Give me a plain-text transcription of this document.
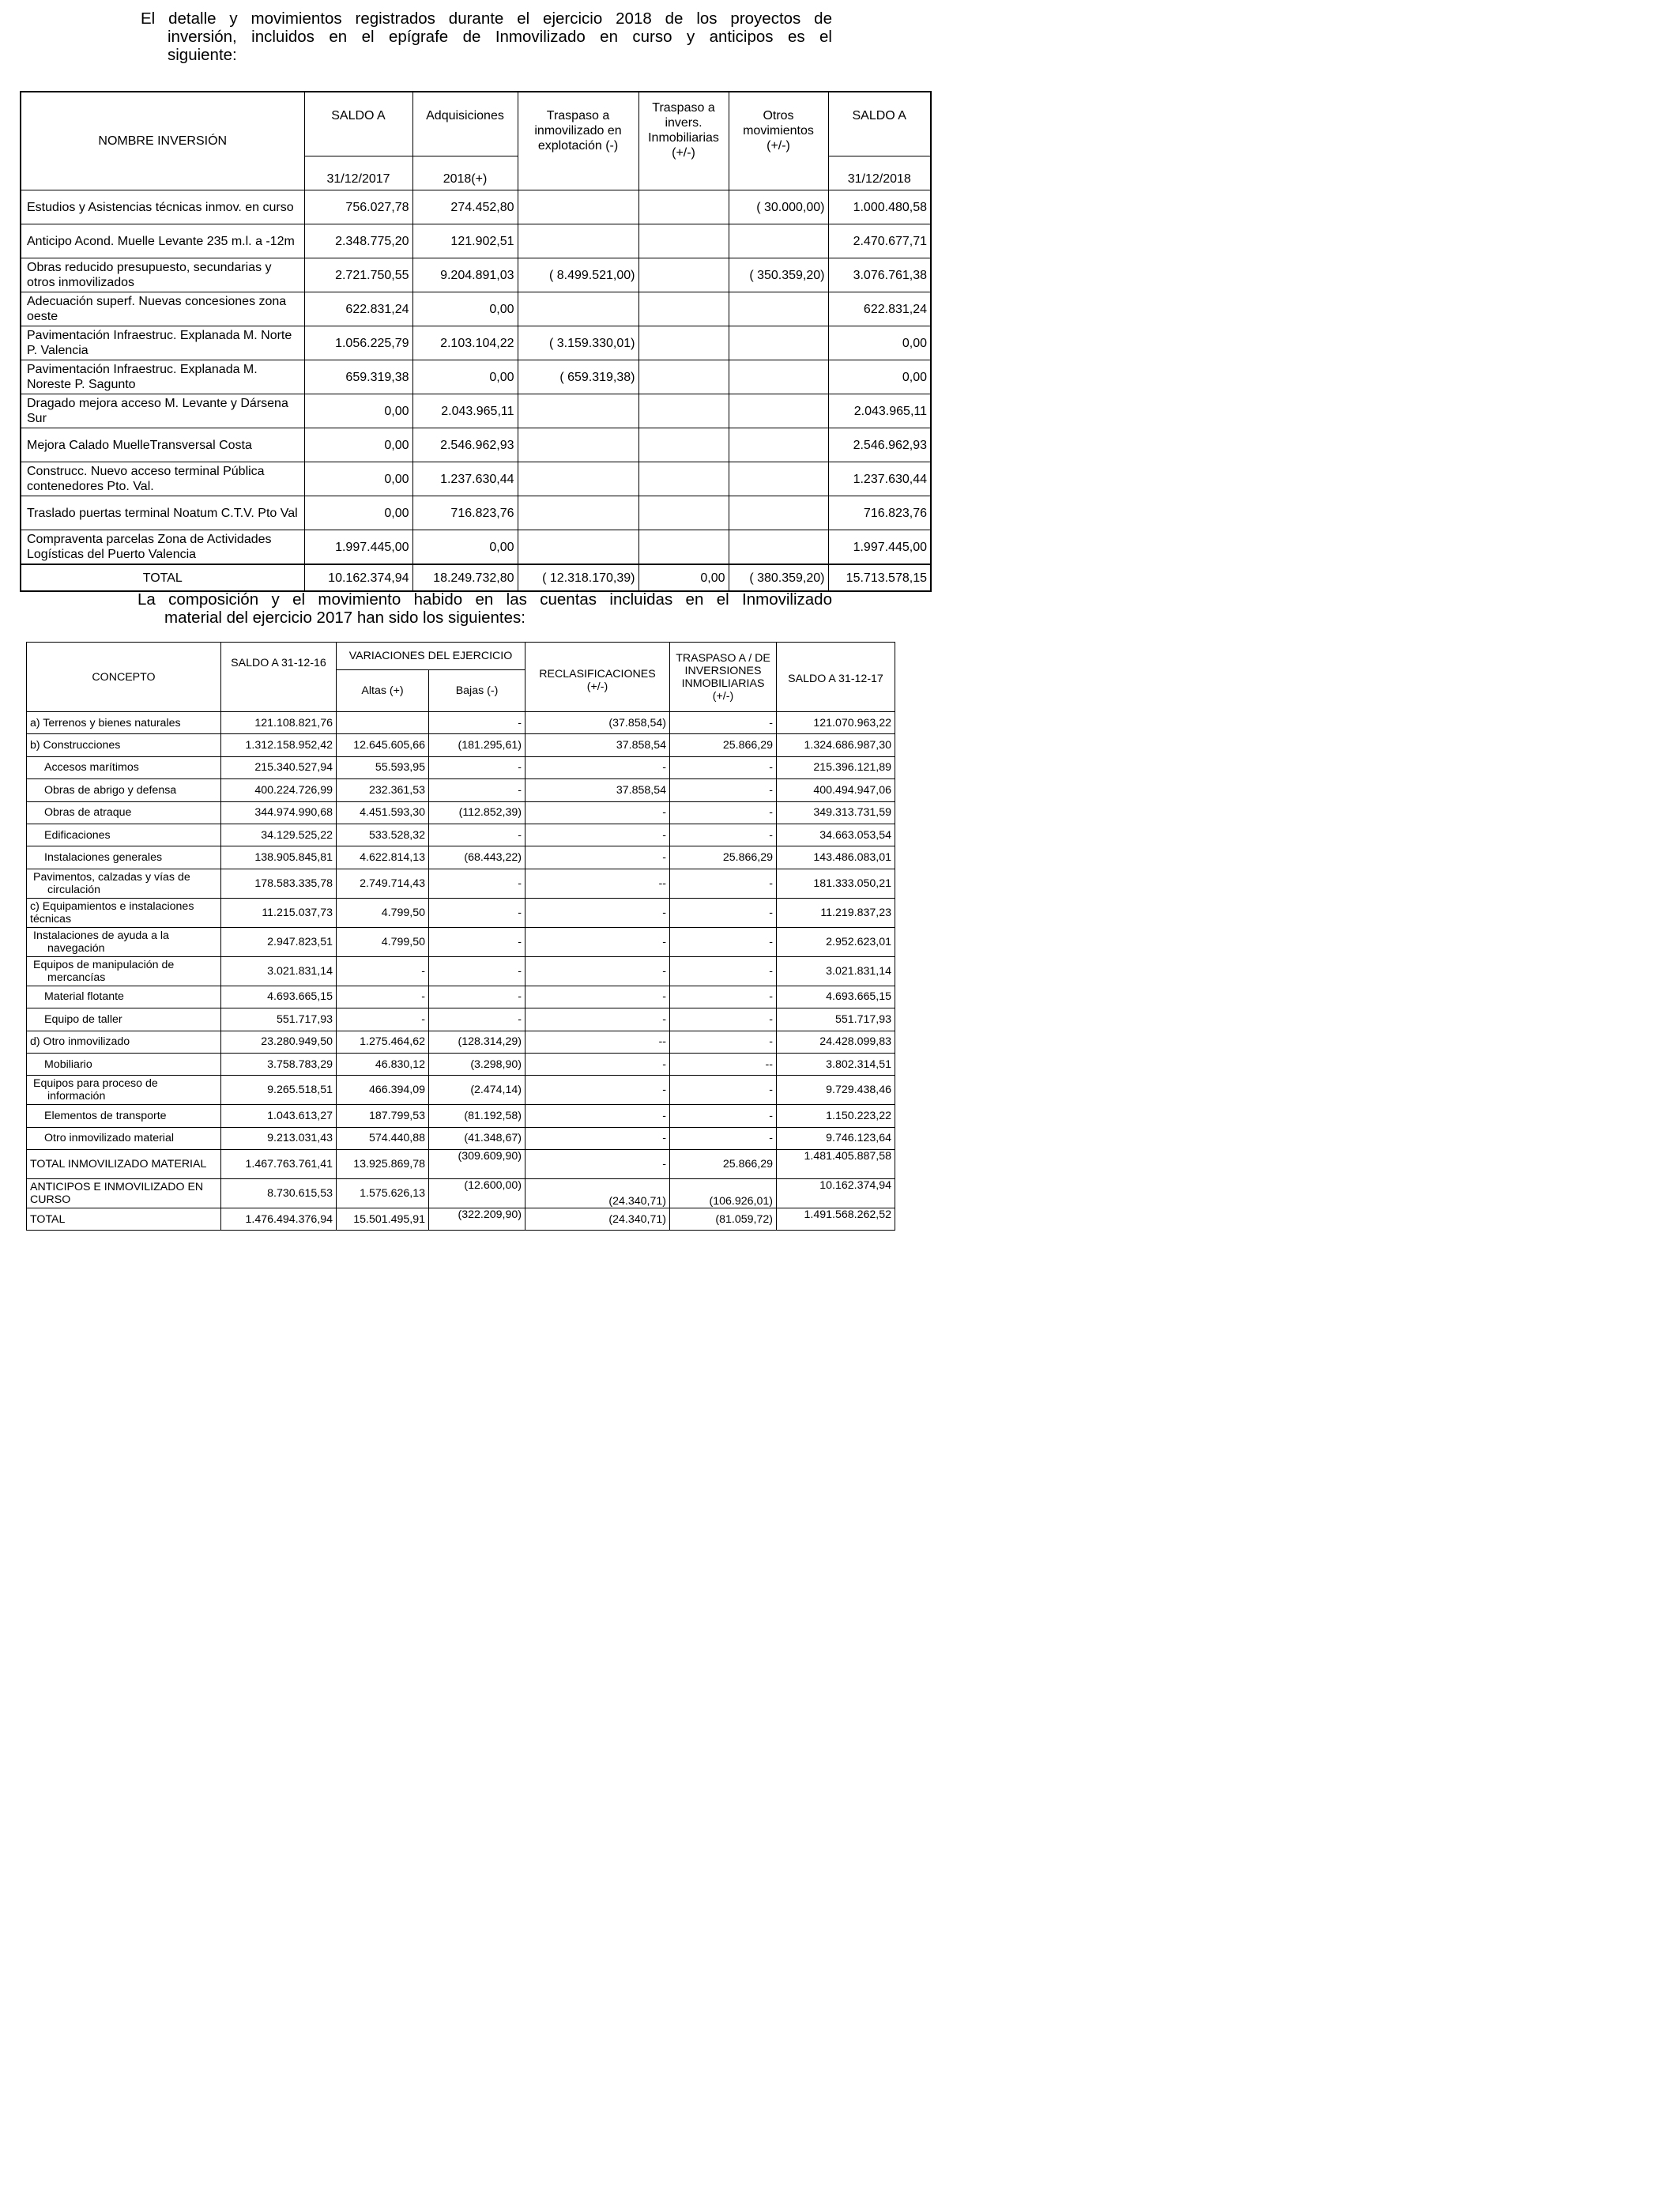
El detalle y movimientos registrados durante el ejercicio 2018 de los proyectos de
inversión, incluidos en el epígrafe de Inmovilizado en curso y anticipos es el
siguiente:
NOMBRE INVERSIÓN	SALDO A	Adquisiciones	Traspaso a inmovilizado en explotación (-)	Traspaso a invers. Inmobiliarias (+/-)	Otros movimientos (+/-)	SALDO A
	31/12/2017	2018(+)				31/12/2018
Estudios y Asistencias técnicas inmov. en curso	756.027,78	274.452,80			( 30.000,00)	1.000.480,58
Anticipo Acond. Muelle Levante 235 m.l. a -12m	2.348.775,20	121.902,51				2.470.677,71
Obras reducido presupuesto, secundarias y otros inmovilizados	2.721.750,55	9.204.891,03	( 8.499.521,00)		( 350.359,20)	3.076.761,38
Adecuación superf. Nuevas concesiones zona oeste	622.831,24	0,00				622.831,24
Pavimentación Infraestruc. Explanada M. Norte P. Valencia	1.056.225,79	2.103.104,22	( 3.159.330,01)			0,00
Pavimentación Infraestruc. Explanada M. Noreste P. Sagunto	659.319,38	0,00	( 659.319,38)			0,00
Dragado mejora acceso M. Levante y Dársena Sur	0,00	2.043.965,11				2.043.965,11
Mejora Calado MuelleTransversal Costa	0,00	2.546.962,93				2.546.962,93
Construcc. Nuevo acceso terminal Pública contenedores Pto. Val.	0,00	1.237.630,44				1.237.630,44
Traslado puertas terminal Noatum C.T.V. Pto Val	0,00	716.823,76				716.823,76
Compraventa parcelas Zona de Actividades Logísticas del Puerto Valencia	1.997.445,00	0,00				1.997.445,00
TOTAL	10.162.374,94	18.249.732,80	( 12.318.170,39)	0,00	( 380.359,20)	15.713.578,15
La composición y el movimiento habido en las cuentas incluidas en el Inmovilizado
material del ejercicio 2017 han sido los siguientes:
CONCEPTO	SALDO A 31-12-16	VARIACIONES DEL EJERCICIO		RECLASIFICACIONES (+/-)	TRASPASO A / DE INVERSIONES INMOBILIARIAS (+/-)	SALDO A 31-12-17
		Altas (+)	Bajas (-)			
a) Terrenos y bienes naturales	121.108.821,76		-	(37.858,54)	-	121.070.963,22
b) Construcciones	1.312.158.952,42	12.645.605,66	(181.295,61)	37.858,54	25.866,29	1.324.686.987,30
Accesos marítimos	215.340.527,94	55.593,95	-	-	-	215.396.121,89
Obras de abrigo y defensa	400.224.726,99	232.361,53	-	37.858,54	-	400.494.947,06
Obras de atraque	344.974.990,68	4.451.593,30	(112.852,39)	-	-	349.313.731,59
Edificaciones	34.129.525,22	533.528,32	-	-	-	34.663.053,54
Instalaciones generales	138.905.845,81	4.622.814,13	(68.443,22)	-	25.866,29	143.486.083,01
Pavimentos, calzadas y vías de circulación	178.583.335,78	2.749.714,43	-	--	-	181.333.050,21
c) Equipamientos e instalaciones técnicas	11.215.037,73	4.799,50	-	-	-	11.219.837,23
Instalaciones de ayuda a la navegación	2.947.823,51	4.799,50	-	-	-	2.952.623,01
Equipos de manipulación de mercancías	3.021.831,14	-	-	-	-	3.021.831,14
Material flotante	4.693.665,15	-	-	-	-	4.693.665,15
Equipo de taller	551.717,93	-	-	-	-	551.717,93
d) Otro inmovilizado	23.280.949,50	1.275.464,62	(128.314,29)	--	-	24.428.099,83
Mobiliario	3.758.783,29	46.830,12	(3.298,90)	-	--	3.802.314,51
Equipos para proceso de información	9.265.518,51	466.394,09	(2.474,14)	-	-	9.729.438,46
Elementos de transporte	1.043.613,27	187.799,53	(81.192,58)	-	-	1.150.223,22
Otro inmovilizado material	9.213.031,43	574.440,88	(41.348,67)	-	-	9.746.123,64
TOTAL INMOVILIZADO MATERIAL	1.467.763.761,41	13.925.869,78	(309.609,90)	-	25.866,29	1.481.405.887,58
ANTICIPOS E INMOVILIZADO EN CURSO	8.730.615,53	1.575.626,13	(12.600,00)	(24.340,71)	(106.926,01)	10.162.374,94
TOTAL	1.476.494.376,94	15.501.495,91	(322.209,90)	(24.340,71)	(81.059,72)	1.491.568.262,52
